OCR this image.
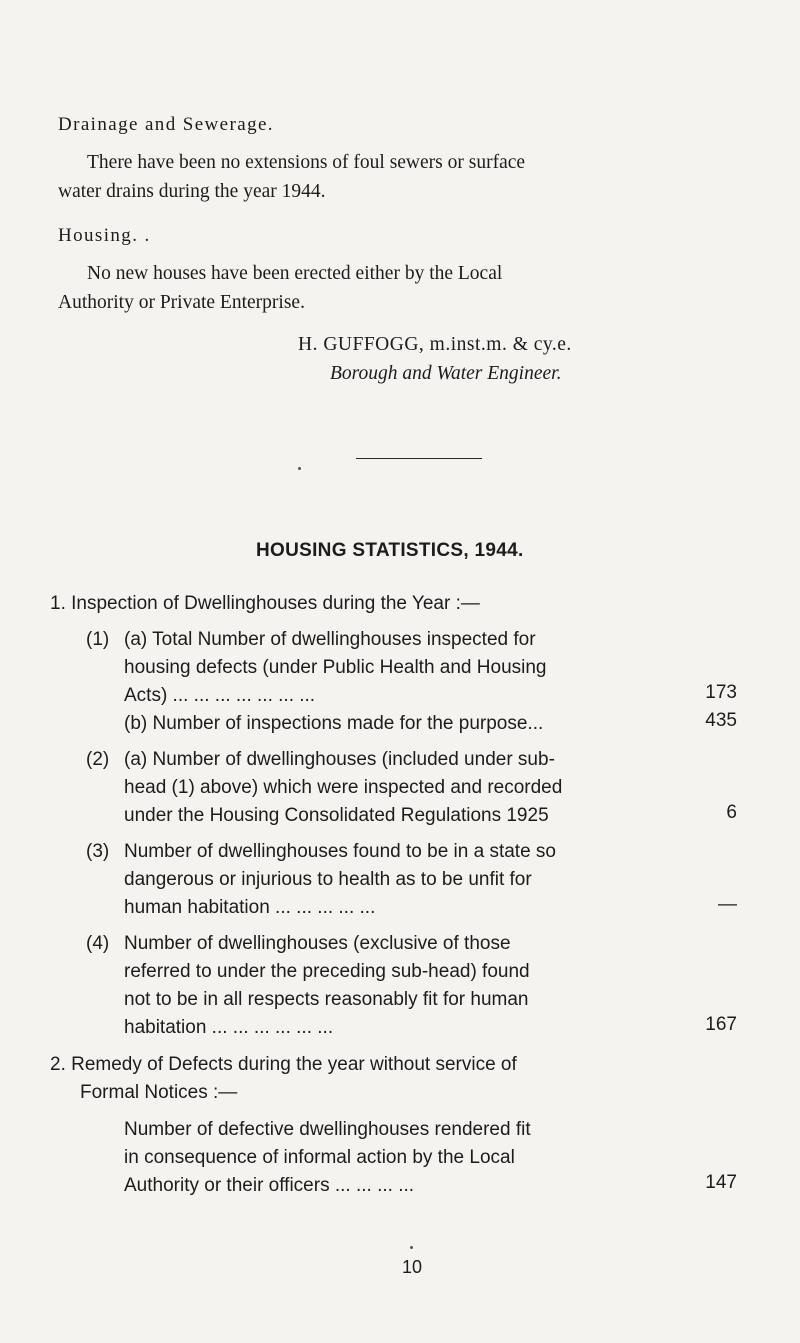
Drainage and Sewerage.
There have been no extensions of foul sewers or surface
water drains during the year 1944.
Housing. .
No new houses have been erected either by the Local
Authority or Private Enterprise.
H. GUFFOGG, m.inst.m. & cy.e.
Borough and Water Engineer.
HOUSING STATISTICS, 1944.
1. Inspection of Dwellinghouses during the Year :—
(1) (a) Total Number of dwellinghouses inspected for
housing defects (under Public Health and Housing
Acts) ... ... ... ... ... ... ...	173
(b) Number of inspections made for the purpose...	435
(2) (a) Number of dwellinghouses (included under sub-
head (1) above) which were inspected and recorded
under the Housing Consolidated Regulations 1925	6
(3) Number of dwellinghouses found to be in a state so
dangerous or injurious to health as to be unfit for
human habitation ... ... ... ... ...	—
(4) Number of dwellinghouses (exclusive of those
referred to under the preceding sub-head) found
not to be in all respects reasonably fit for human
habitation ... ... ... ... ... ...	167
2. Remedy of Defects during the year without service of
Formal Notices :—
Number of defective dwellinghouses rendered fit
in consequence of informal action by the Local
Authority or their officers ... ... ... ...	147
10
